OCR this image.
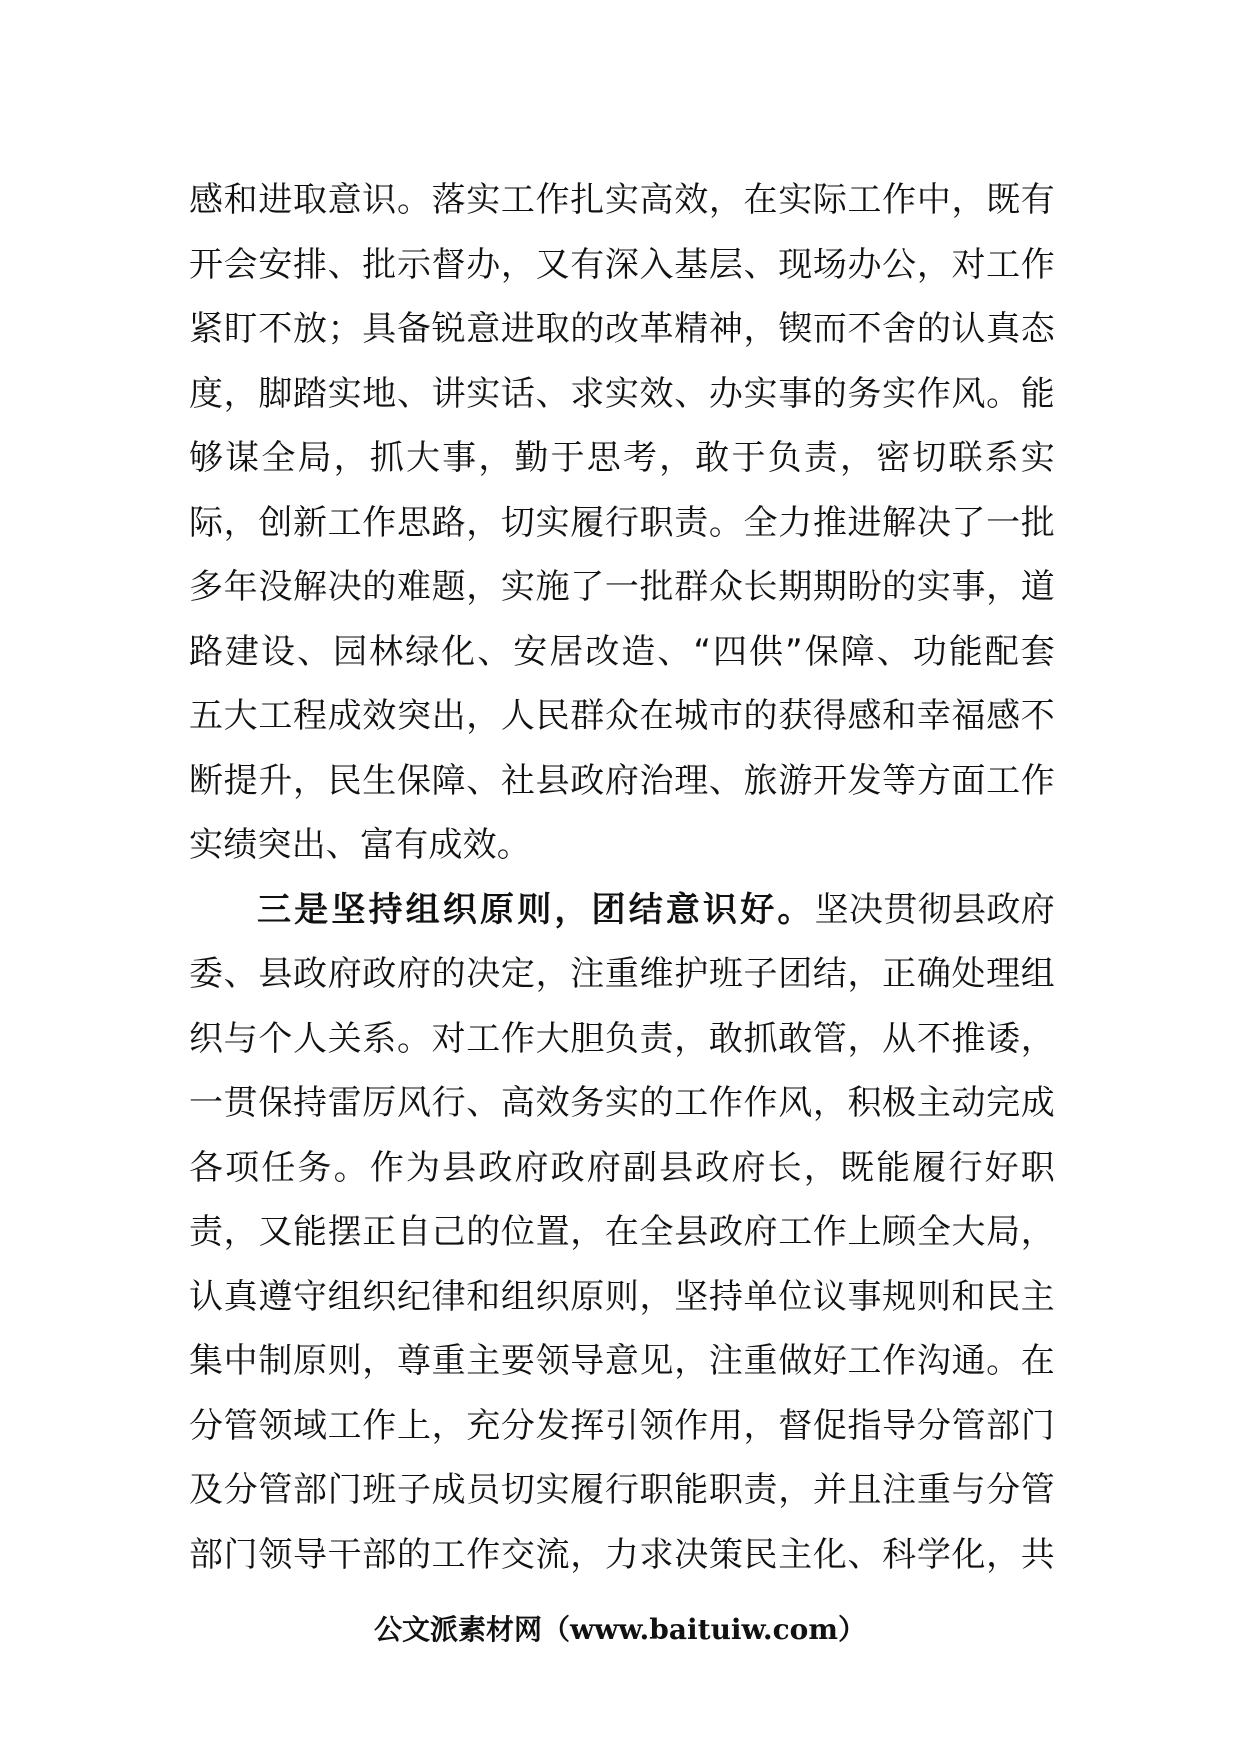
感和进取意识。落实工作扎实高效，在实际工作中，既有
开会安排、批示督办，又有深入基层、现场办公，对工作
紧盯不放；具备锐意进取的改革精神，锲而不舍的认真态
度，脚踏实地、讲实话、求实效、办实事的务实作风。能
够谋全局，抓大事，勤于思考，敢于负责，密切联系实
际，创新工作思路，切实履行职责。全力推进解决了一批
多年没解决的难题，实施了一批群众长期期盼的实事，道
路建设、园林绿化、安居改造、“四供”保障、功能配套
五大工程成效突出，人民群众在城市的获得感和幸福感不
断提升，民生保障、社县政府治理、旅游开发等方面工作
实绩突出、富有成效。
三是坚持组织原则，团结意识好。坚决贯彻县政府
委、县政府政府的决定，注重维护班子团结，正确处理组
织与个人关系。对工作大胆负责，敢抓敢管，从不推诿，
一贯保持雷厉风行、高效务实的工作作风，积极主动完成
各项任务。作为县政府政府副县政府长，既能履行好职
责，又能摆正自己的位置，在全县政府工作上顾全大局，
认真遵守组织纪律和组织原则，坚持单位议事规则和民主
集中制原则，尊重主要领导意见，注重做好工作沟通。在
分管领域工作上，充分发挥引领作用，督促指导分管部门
及分管部门班子成员切实履行职能职责，并且注重与分管
部门领导干部的工作交流，力求决策民主化、科学化，共
公文派素材网（www.baituiw.com）
